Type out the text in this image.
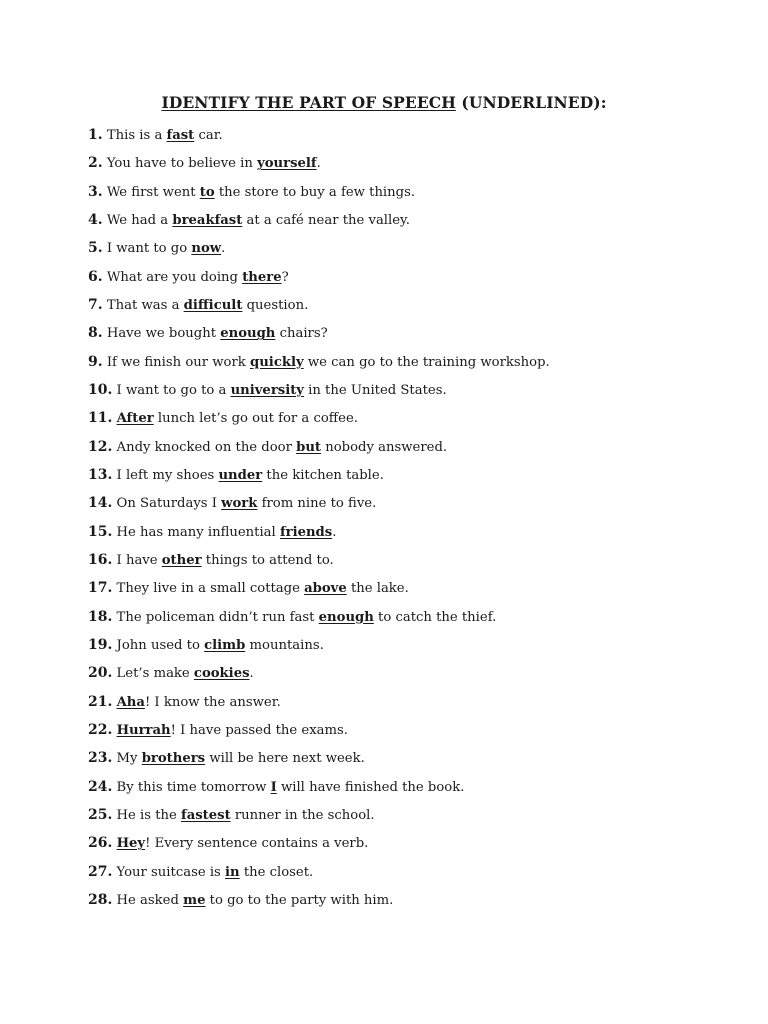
IDENTIFY THE PART OF SPEECH (UNDERLINED):
1. This is a fast car.
2. You have to believe in yourself.
3. We first went to the store to buy a few things.
4. We had a breakfast at a café near the valley.
5. I want to go now.
6. What are you doing there?
7. That was a difficult question.
8. Have we bought enough chairs?
9. If we finish our work quickly we can go to the training workshop.
10. I want to go to a university in the United States.
11. After lunch let’s go out for a coffee.
12. Andy knocked on the door but nobody answered.
13. I left my shoes under the kitchen table.
14. On Saturdays I work from nine to five.
15. He has many influential friends.
16. I have other things to attend to.
17. They live in a small cottage above the lake.
18. The policeman didn’t run fast enough to catch the thief.
19. John used to climb mountains.
20. Let’s make cookies.
21. Aha! I know the answer.
22. Hurrah! I have passed the exams.
23. My brothers will be here next week.
24. By this time tomorrow I will have finished the book.
25. He is the fastest runner in the school.
26. Hey! Every sentence contains a verb.
27. Your suitcase is in the closet.
28. He asked me to go to the party with him.
